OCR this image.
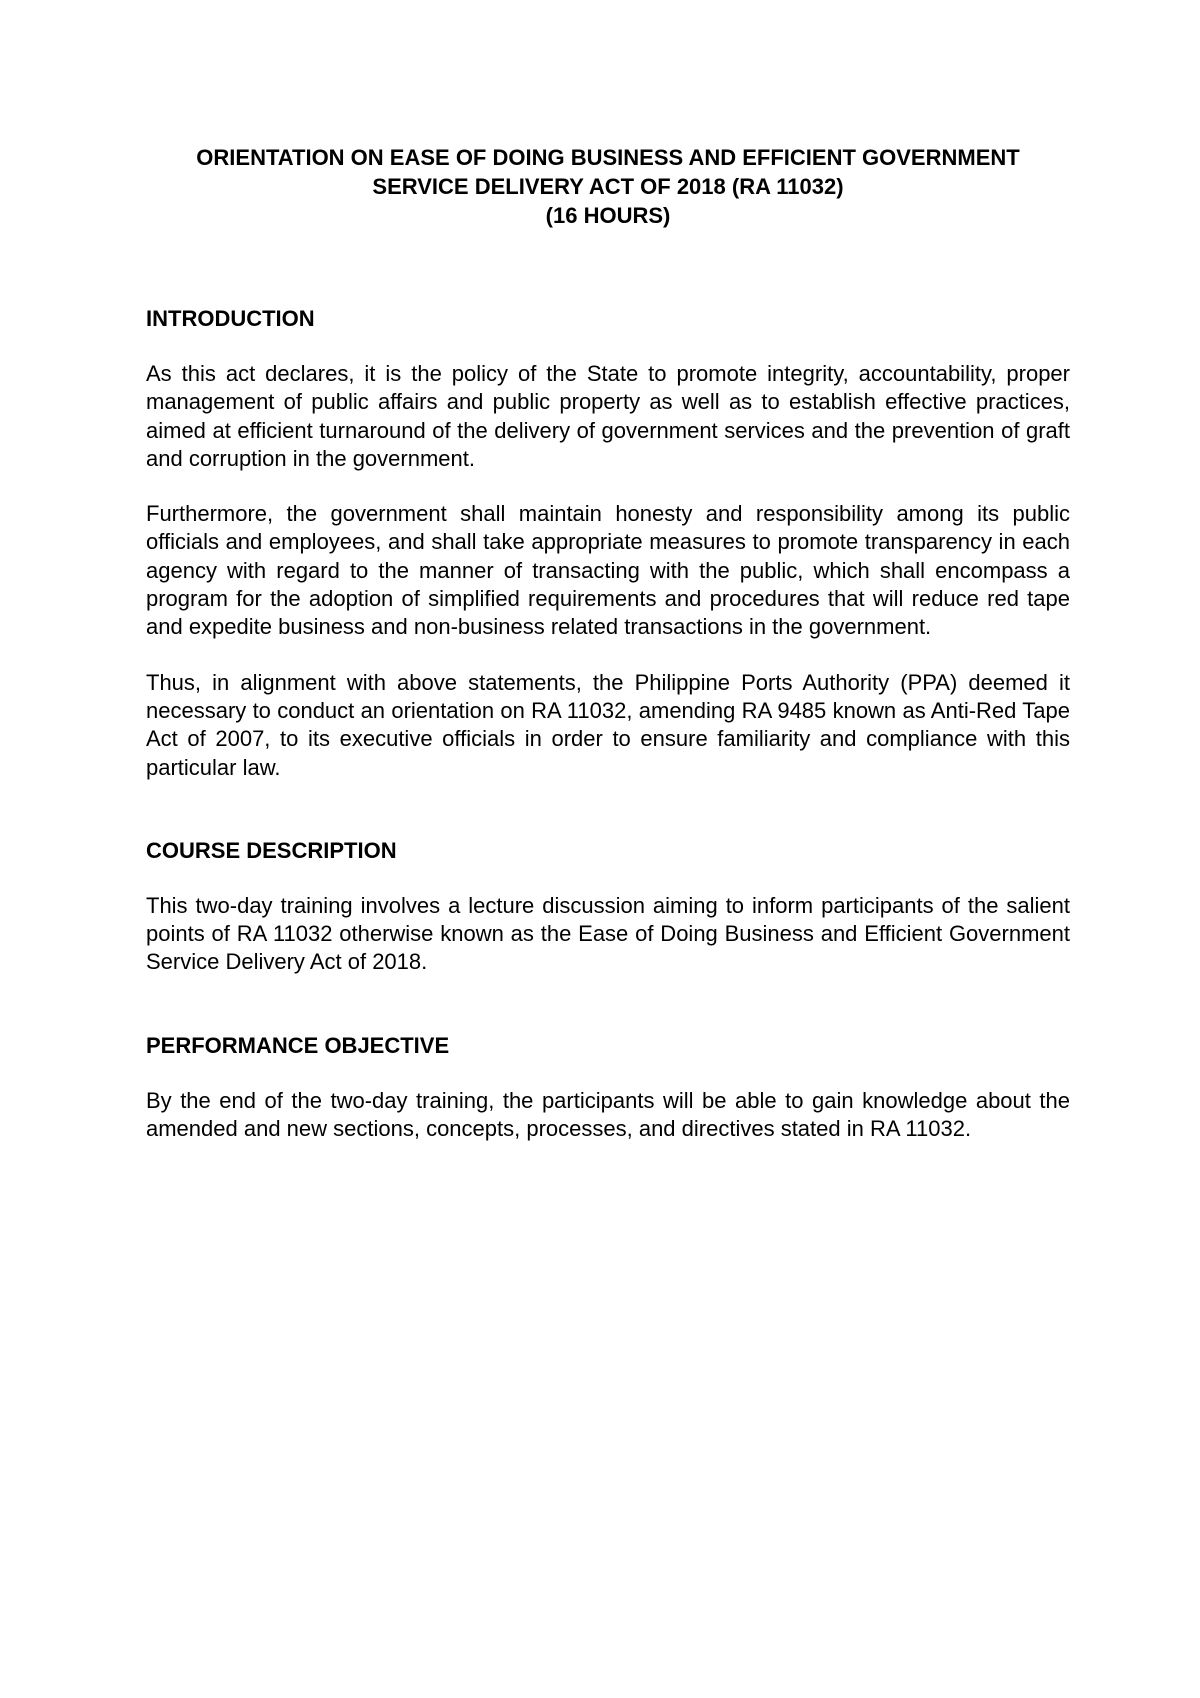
ORIENTATION ON EASE OF DOING BUSINESS AND EFFICIENT GOVERNMENT
SERVICE DELIVERY ACT OF 2018 (RA 11032)
(16 HOURS)
INTRODUCTION

As this act declares, it is the policy of the State to promote integrity, accountability, proper management of public affairs and public property as well as to establish effective practices, aimed at efficient turnaround of the delivery of government services and the prevention of graft and corruption in the government.

Furthermore, the government shall maintain honesty and responsibility among its public officials and employees, and shall take appropriate measures to promote transparency in each agency with regard to the manner of transacting with the public, which shall encompass a program for the adoption of simplified requirements and procedures that will reduce red tape and expedite business and non-business related transactions in the government.

Thus, in alignment with above statements, the Philippine Ports Authority (PPA) deemed it necessary to conduct an orientation on RA 11032, amending RA 9485 known as Anti-Red Tape Act of 2007, to its executive officials in order to ensure familiarity and compliance with this particular law.

COURSE DESCRIPTION

This two-day training involves a lecture discussion aiming to inform participants of the salient points of RA 11032 otherwise known as the Ease of Doing Business and Efficient Government Service Delivery Act of 2018.

PERFORMANCE OBJECTIVE

By the end of the two-day training, the participants will be able to gain knowledge about the amended and new sections, concepts, processes, and directives stated in RA 11032.
